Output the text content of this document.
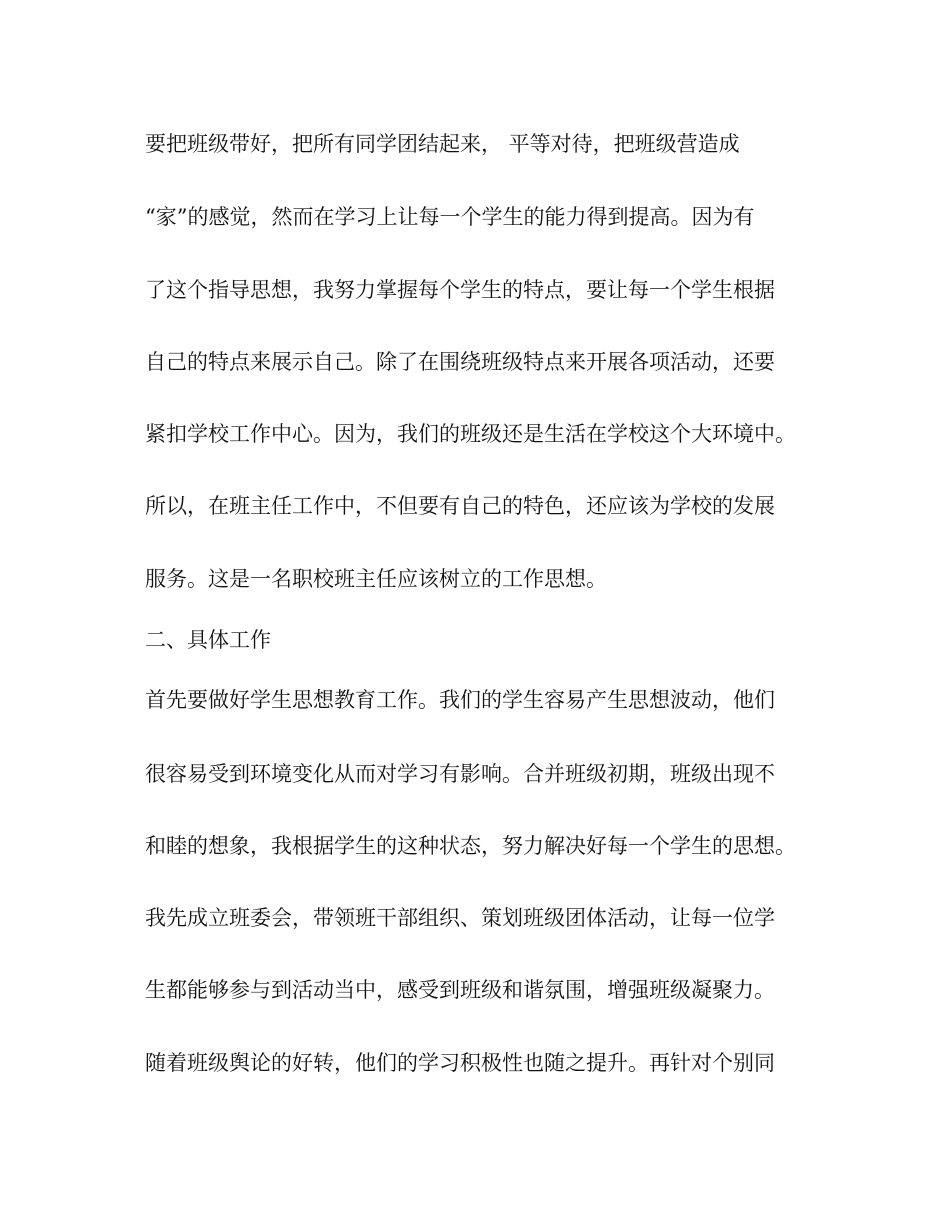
要把班级带好，把所有同学团结起来， 平等对待，把班级营造成
“家”的感觉，然而在学习上让每一个学生的能力得到提高。因为有
了这个指导思想，我努力掌握每个学生的特点，要让每一个学生根据
自己的特点来展示自己。除了在围绕班级特点来开展各项活动，还要
紧扣学校工作中心。因为，我们的班级还是生活在学校这个大环境中。
所以，在班主任工作中，不但要有自己的特色，还应该为学校的发展
服务。这是一名职校班主任应该树立的工作思想。
二、具体工作
首先要做好学生思想教育工作。我们的学生容易产生思想波动，他们
很容易受到环境变化从而对学习有影响。合并班级初期，班级出现不
和睦的想象，我根据学生的这种状态，努力解决好每一个学生的思想。
我先成立班委会，带领班干部组织、策划班级团体活动，让每一位学
生都能够参与到活动当中，感受到班级和谐氛围，增强班级凝聚力。
随着班级舆论的好转，他们的学习积极性也随之提升。再针对个别同
